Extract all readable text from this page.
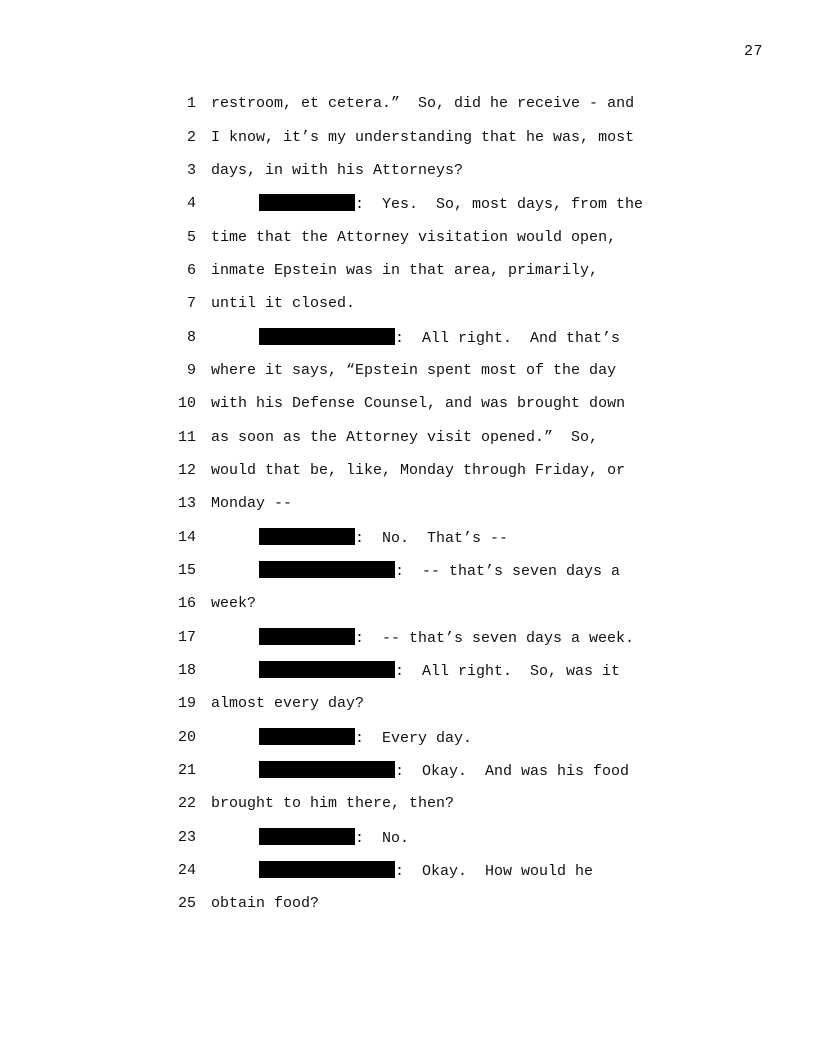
27
1 restroom, et cetera.”  So, did he receive - and
2 I know, it’s my understanding that he was, most
3 days, in with his Attorneys?
4	:  Yes.  So, most days, from the
5 time that the Attorney visitation would open,
6 inmate Epstein was in that area, primarily,
7 until it closed.
8	:  All right.  And that’s
9 where it says, “Epstein spent most of the day
10 with his Defense Counsel, and was brought down
11 as soon as the Attorney visit opened.”  So,
12 would that be, like, Monday through Friday, or
13 Monday --
14	:  No.  That’s --
15	:  -- that’s seven days a
16 week?
17	:  -- that’s seven days a week.
18	:  All right.  So, was it
19 almost every day?
20	:  Every day.
21	:  Okay.  And was his food
22 brought to him there, then?
23	:  No.
24	:  Okay.  How would he
25 obtain food?
